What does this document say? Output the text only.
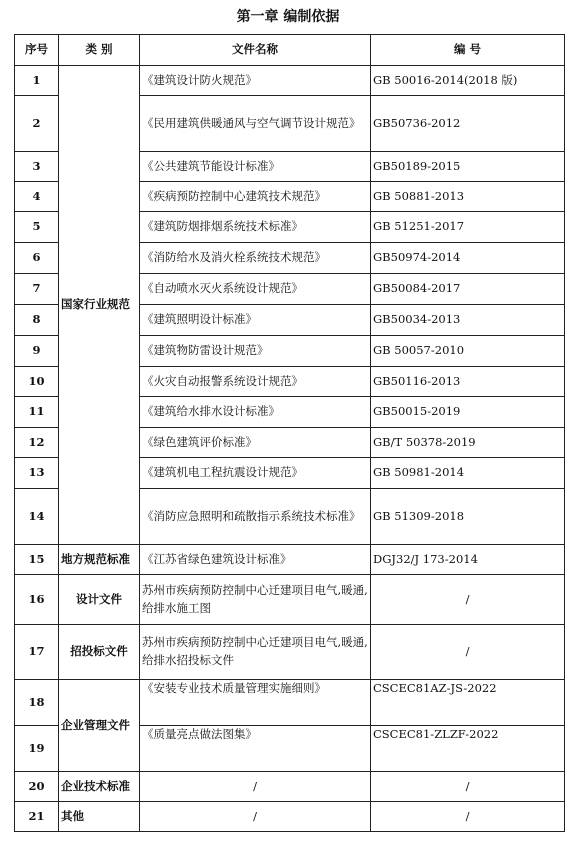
第一章 编制依据
序号	类 别	文件名称	编 号
1	国家行业规范	《建筑设计防火规范》	GB 50016-2014(2018 版)
2		《民用建筑供暖通风与空气调节设计规范》	GB50736-2012
3		《公共建筑节能设计标准》	GB50189-2015
4		《疾病预防控制中心建筑技术规范》	GB 50881-2013
5		《建筑防烟排烟系统技术标准》	GB 51251-2017
6		《消防给水及消火栓系统技术规范》	GB50974-2014
7		《自动喷水灭火系统设计规范》	GB50084-2017
8		《建筑照明设计标准》	GB50034-2013
9		《建筑物防雷设计规范》	GB 50057-2010
10		《火灾自动报警系统设计规范》	GB50116-2013
11		《建筑给水排水设计标准》	GB50015-2019
12		《绿色建筑评价标准》	GB/T 50378-2019
13		《建筑机电工程抗震设计规范》	GB 50981-2014
14		《消防应急照明和疏散指示系统技术标准》	GB 51309-2018
15	地方规范标准	《江苏省绿色建筑设计标准》	DGJ32/J 173-2014
16	设计文件	苏州市疾病预防控制中心迁建项目电气,暖通,给排水施工图	/
17	招投标文件	苏州市疾病预防控制中心迁建项目电气,暖通,给排水招投标文件	/
18	企业管理文件	《安装专业技术质量管理实施细则》	CSCEC81AZ-JS-2022
19		《质量亮点做法图集》	CSCEC81-ZLZF-2022
20	企业技术标准	/	/
21	其他	/	/
